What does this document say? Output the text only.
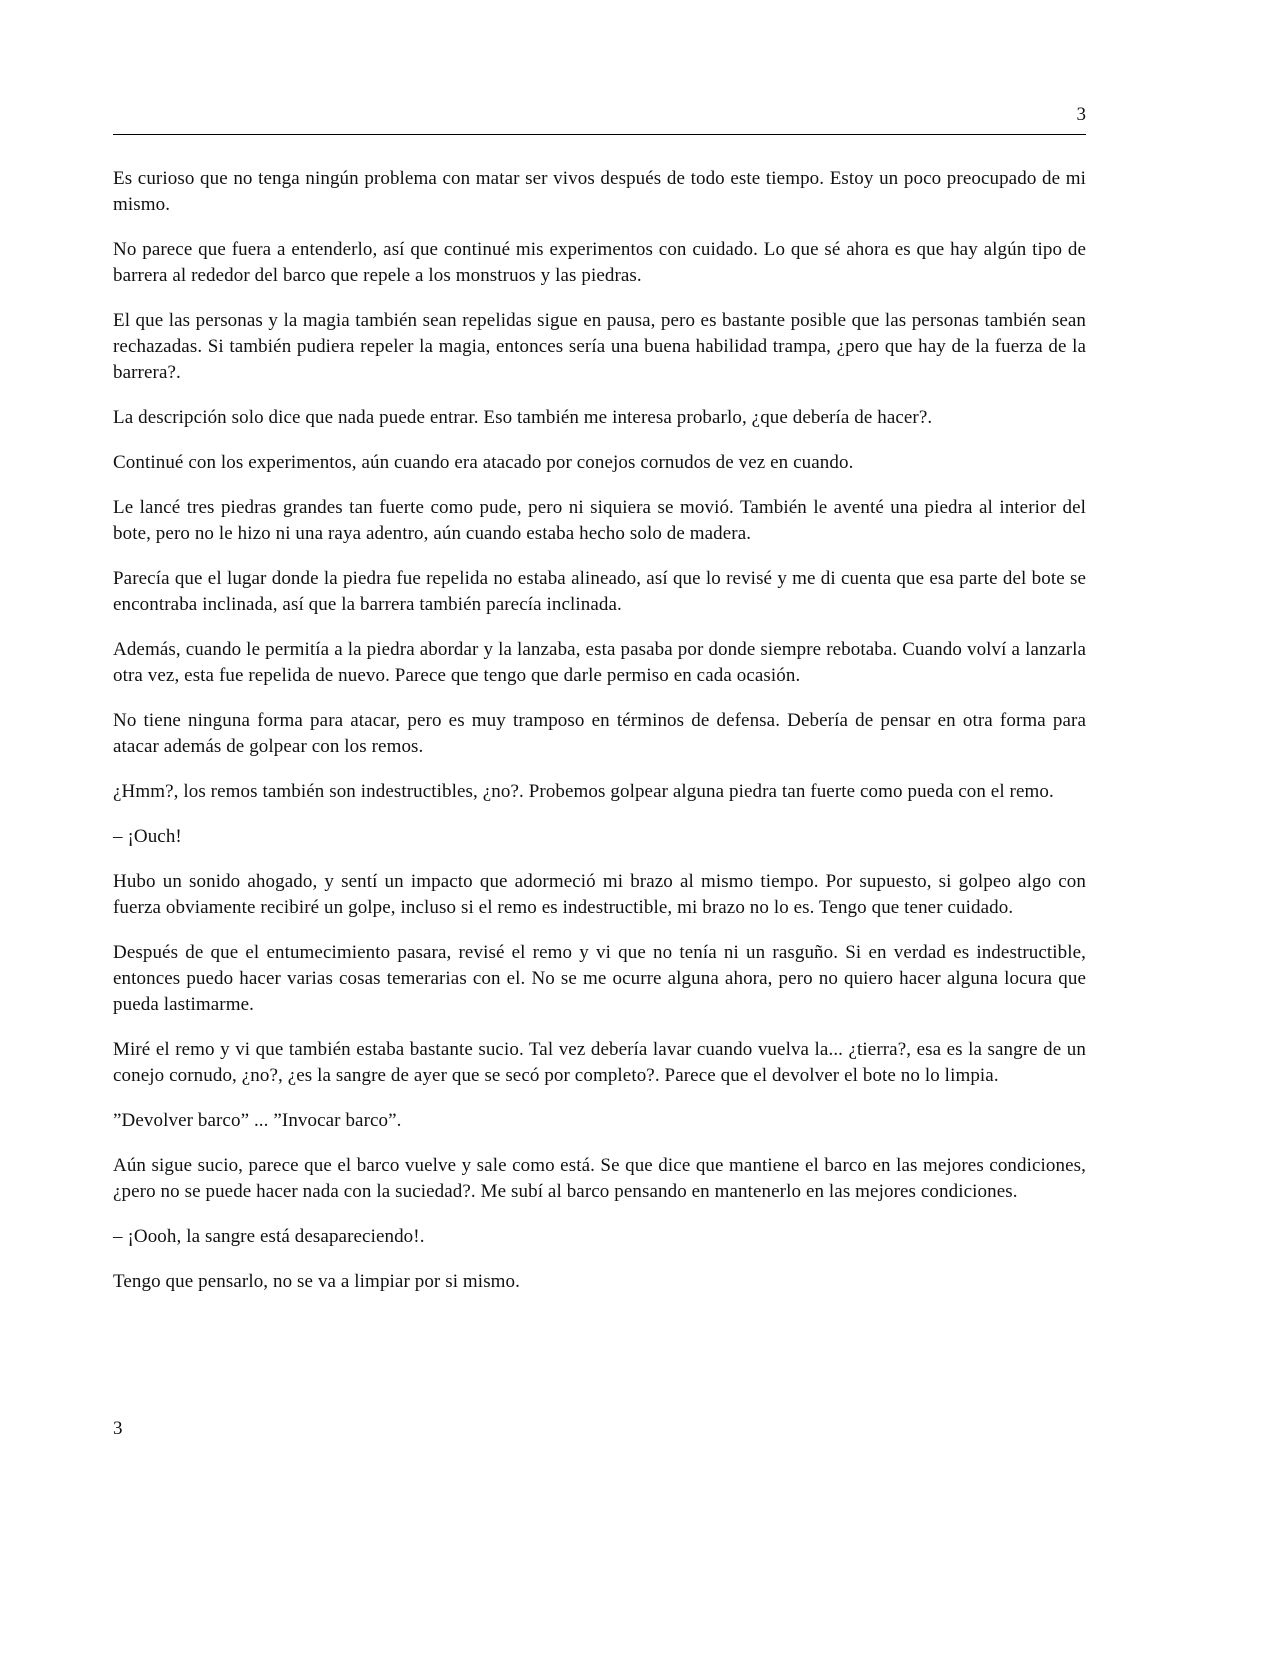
3

Es curioso que no tenga ningún problema con matar ser vivos después de todo este tiempo. Estoy un poco preocupado de mi mismo.

No parece que fuera a entenderlo, así que continué mis experimentos con cuidado. Lo que sé ahora es que hay algún tipo de barrera al rededor del barco que repele a los monstruos y las piedras.

El que las personas y la magia también sean repelidas sigue en pausa, pero es bastante posible que las personas también sean rechazadas. Si también pudiera repeler la magia, entonces sería una buena habilidad trampa, ¿pero que hay de la fuerza de la barrera?.

La descripción solo dice que nada puede entrar. Eso también me interesa probarlo, ¿que debería de hacer?.

Continué con los experimentos, aún cuando era atacado por conejos cornudos de vez en cuando.

Le lancé tres piedras grandes tan fuerte como pude, pero ni siquiera se movió. También le aventé una piedra al interior del bote, pero no le hizo ni una raya adentro, aún cuando estaba hecho solo de madera.

Parecía que el lugar donde la piedra fue repelida no estaba alineado, así que lo revisé y me di cuenta que esa parte del bote se encontraba inclinada, así que la barrera también parecía inclinada.

Además, cuando le permitía a la piedra abordar y la lanzaba, esta pasaba por donde siempre rebotaba. Cuando volví a lanzarla otra vez, esta fue repelida de nuevo. Parece que tengo que darle permiso en cada ocasión.

No tiene ninguna forma para atacar, pero es muy tramposo en términos de defensa. Debería de pensar en otra forma para atacar además de golpear con los remos.

¿Hmm?, los remos también son indestructibles, ¿no?. Probemos golpear alguna piedra tan fuerte como pueda con el remo.

– ¡Ouch!

Hubo un sonido ahogado, y sentí un impacto que adormeció mi brazo al mismo tiempo. Por supuesto, si golpeo algo con fuerza obviamente recibiré un golpe, incluso si el remo es indestructible, mi brazo no lo es. Tengo que tener cuidado.

Después de que el entumecimiento pasara, revisé el remo y vi que no tenía ni un rasguño. Si en verdad es indestructible, entonces puedo hacer varias cosas temerarias con el. No se me ocurre alguna ahora, pero no quiero hacer alguna locura que pueda lastimarme.

Miré el remo y vi que también estaba bastante sucio. Tal vez debería lavar cuando vuelva la... ¿tierra?, esa es la sangre de un conejo cornudo, ¿no?, ¿es la sangre de ayer que se secó por completo?. Parece que el devolver el bote no lo limpia.

”Devolver barco” ... ”Invocar barco”.

Aún sigue sucio, parece que el barco vuelve y sale como está. Se que dice que mantiene el barco en las mejores condiciones, ¿pero no se puede hacer nada con la suciedad?. Me subí al barco pensando en mantenerlo en las mejores condiciones.

– ¡Oooh, la sangre está desapareciendo!.

Tengo que pensarlo, no se va a limpiar por si mismo.

3
